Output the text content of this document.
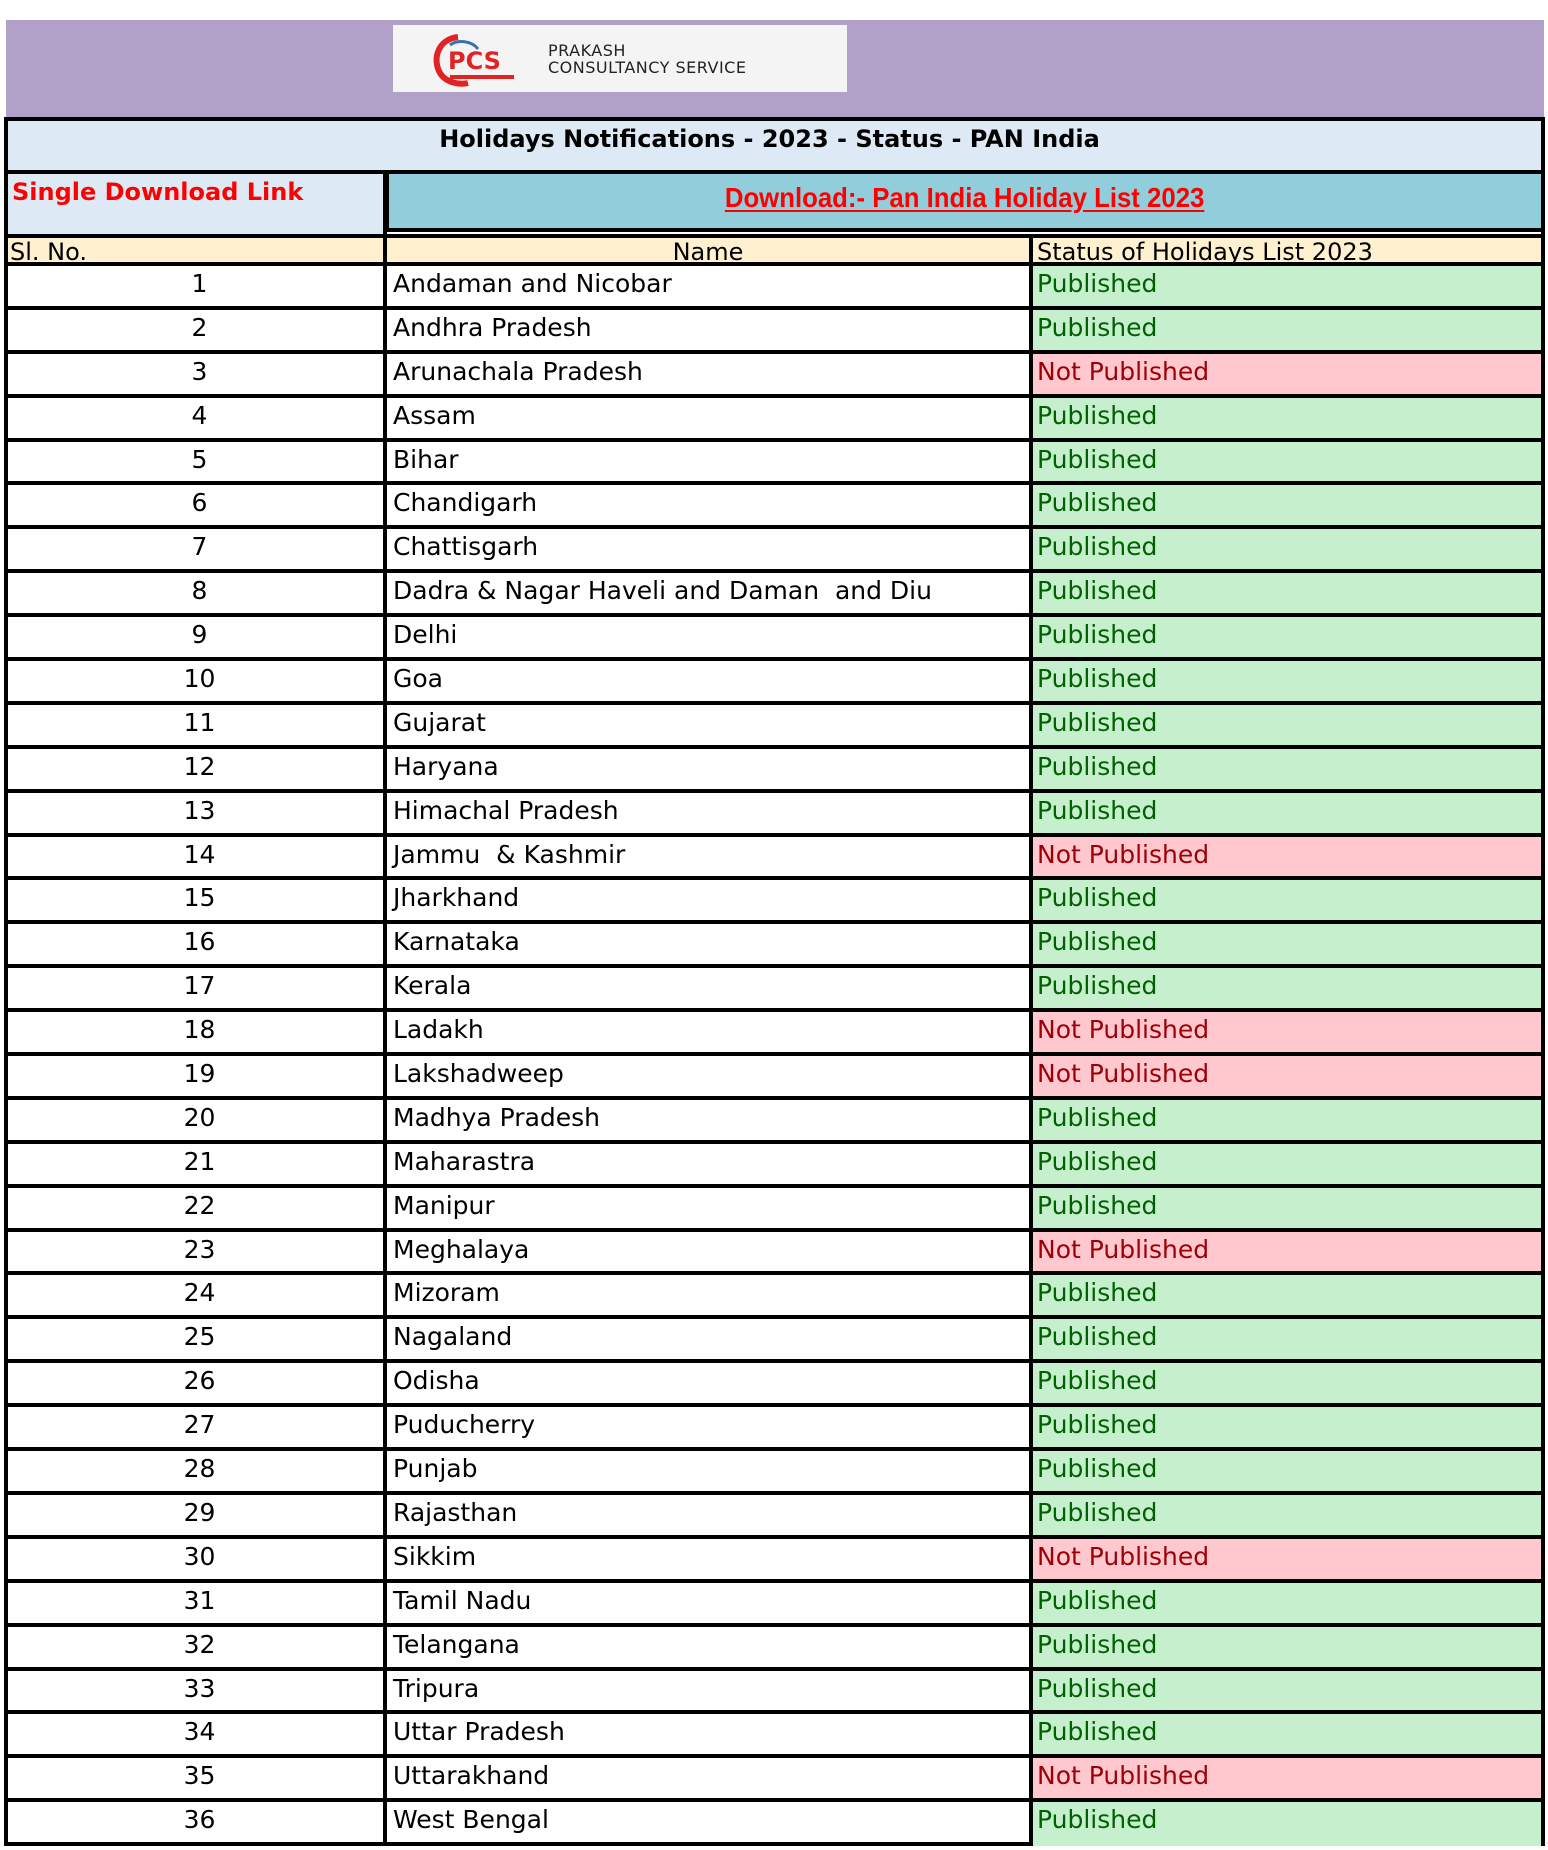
PCS	PRAKASH
CONSULTANCY SERVICE
Holidays Notifications - 2023 - Status - PAN India
Single Download Link	Download:- Pan India Holiday List 2023
Sl. No.	Name	Status of Holidays List 2023
1	Andaman and Nicobar	Published
2	Andhra Pradesh	Published
3	Arunachala Pradesh	Not Published
4	Assam	Published
5	Bihar	Published
6	Chandigarh	Published
7	Chattisgarh	Published
8	Dadra & Nagar Haveli and Daman  and Diu	Published
9	Delhi	Published
10	Goa	Published
11	Gujarat	Published
12	Haryana	Published
13	Himachal Pradesh	Published
14	Jammu  & Kashmir	Not Published
15	Jharkhand	Published
16	Karnataka	Published
17	Kerala	Published
18	Ladakh	Not Published
19	Lakshadweep	Not Published
20	Madhya Pradesh	Published
21	Maharastra	Published
22	Manipur	Published
23	Meghalaya	Not Published
24	Mizoram	Published
25	Nagaland	Published
26	Odisha	Published
27	Puducherry	Published
28	Punjab	Published
29	Rajasthan	Published
30	Sikkim	Not Published
31	Tamil Nadu	Published
32	Telangana	Published
33	Tripura	Published
34	Uttar Pradesh	Published
35	Uttarakhand	Not Published
36	West Bengal	Published
